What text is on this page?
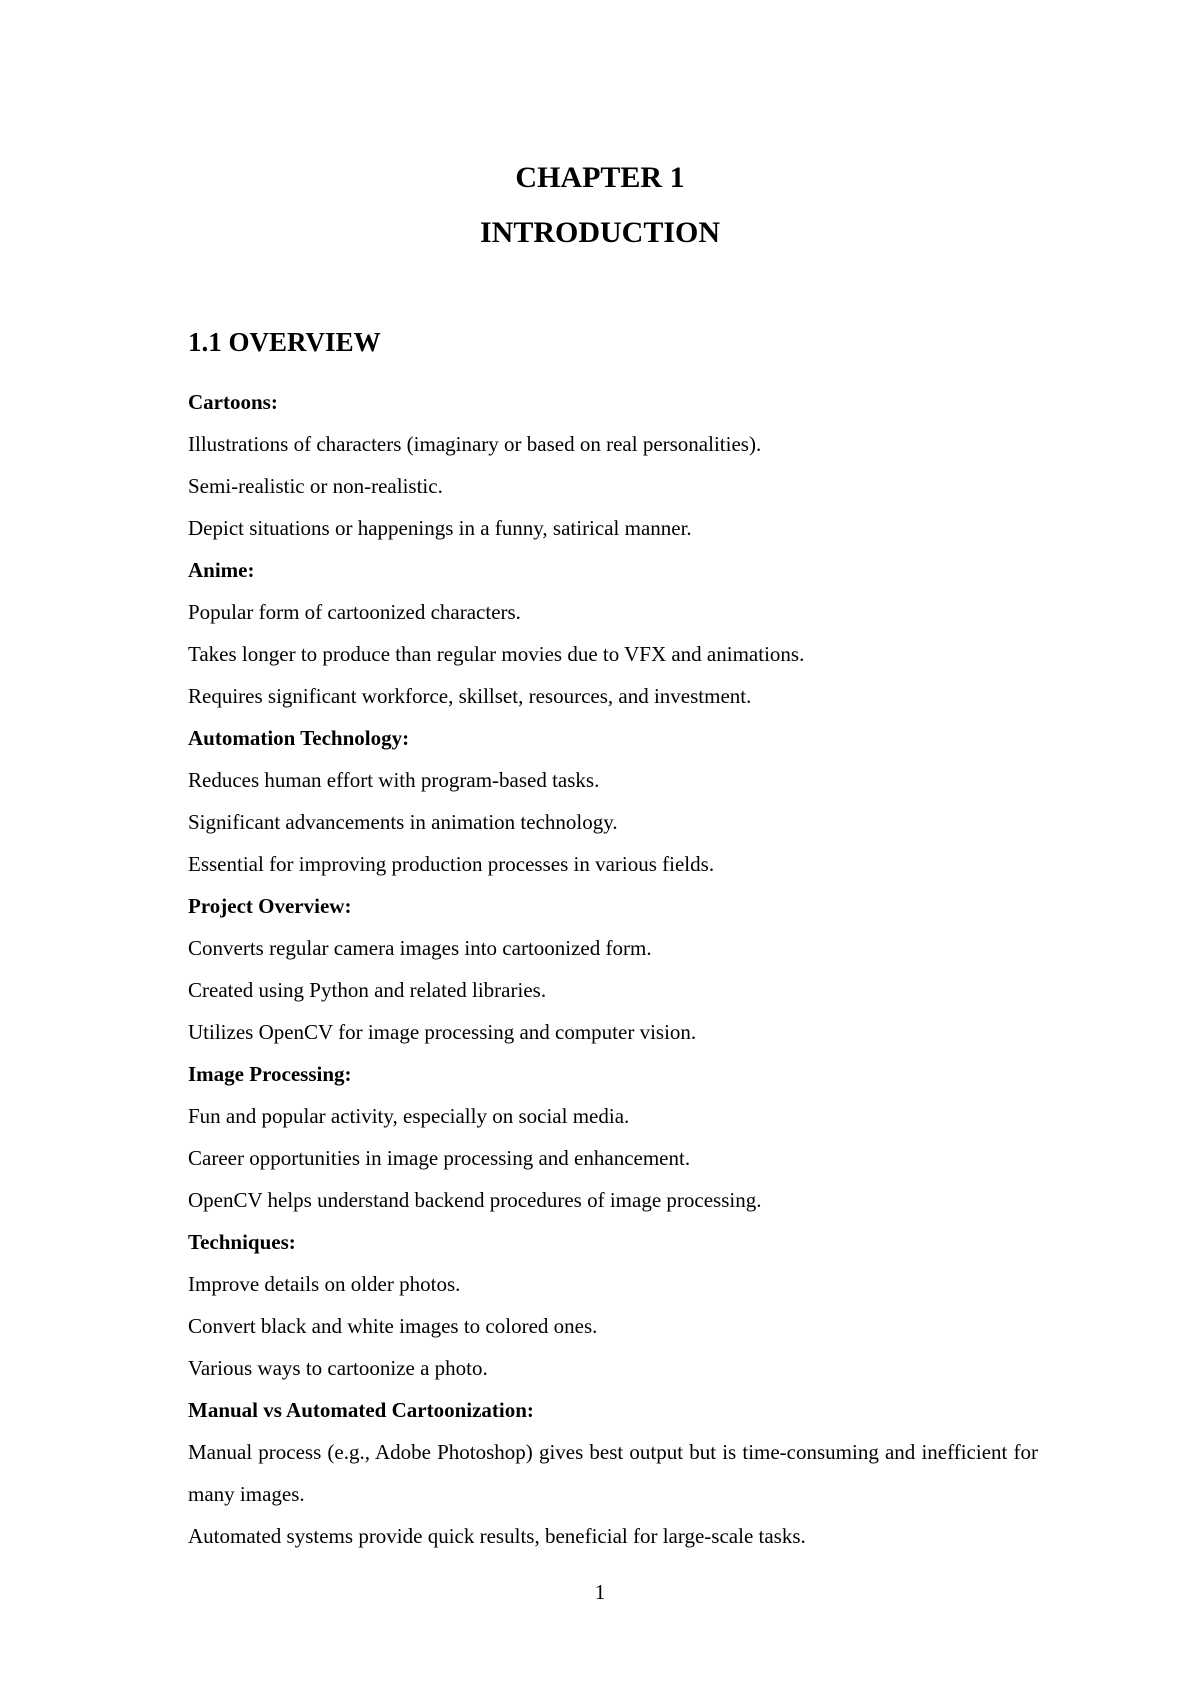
CHAPTER 1
INTRODUCTION
1.1 OVERVIEW
Cartoons:
Illustrations of characters (imaginary or based on real personalities).
Semi-realistic or non-realistic.
Depict situations or happenings in a funny, satirical manner.
Anime:
Popular form of cartoonized characters.
Takes longer to produce than regular movies due to VFX and animations.
Requires significant workforce, skillset, resources, and investment.
Automation Technology:
Reduces human effort with program-based tasks.
Significant advancements in animation technology.
Essential for improving production processes in various fields.
Project Overview:
Converts regular camera images into cartoonized form.
Created using Python and related libraries.
Utilizes OpenCV for image processing and computer vision.
Image Processing:
Fun and popular activity, especially on social media.
Career opportunities in image processing and enhancement.
OpenCV helps understand backend procedures of image processing.
Techniques:
Improve details on older photos.
Convert black and white images to colored ones.
Various ways to cartoonize a photo.
Manual vs Automated Cartoonization:
Manual process (e.g., Adobe Photoshop) gives best output but is time-consuming and inefficient for many images.
Automated systems provide quick results, beneficial for large-scale tasks.
1
